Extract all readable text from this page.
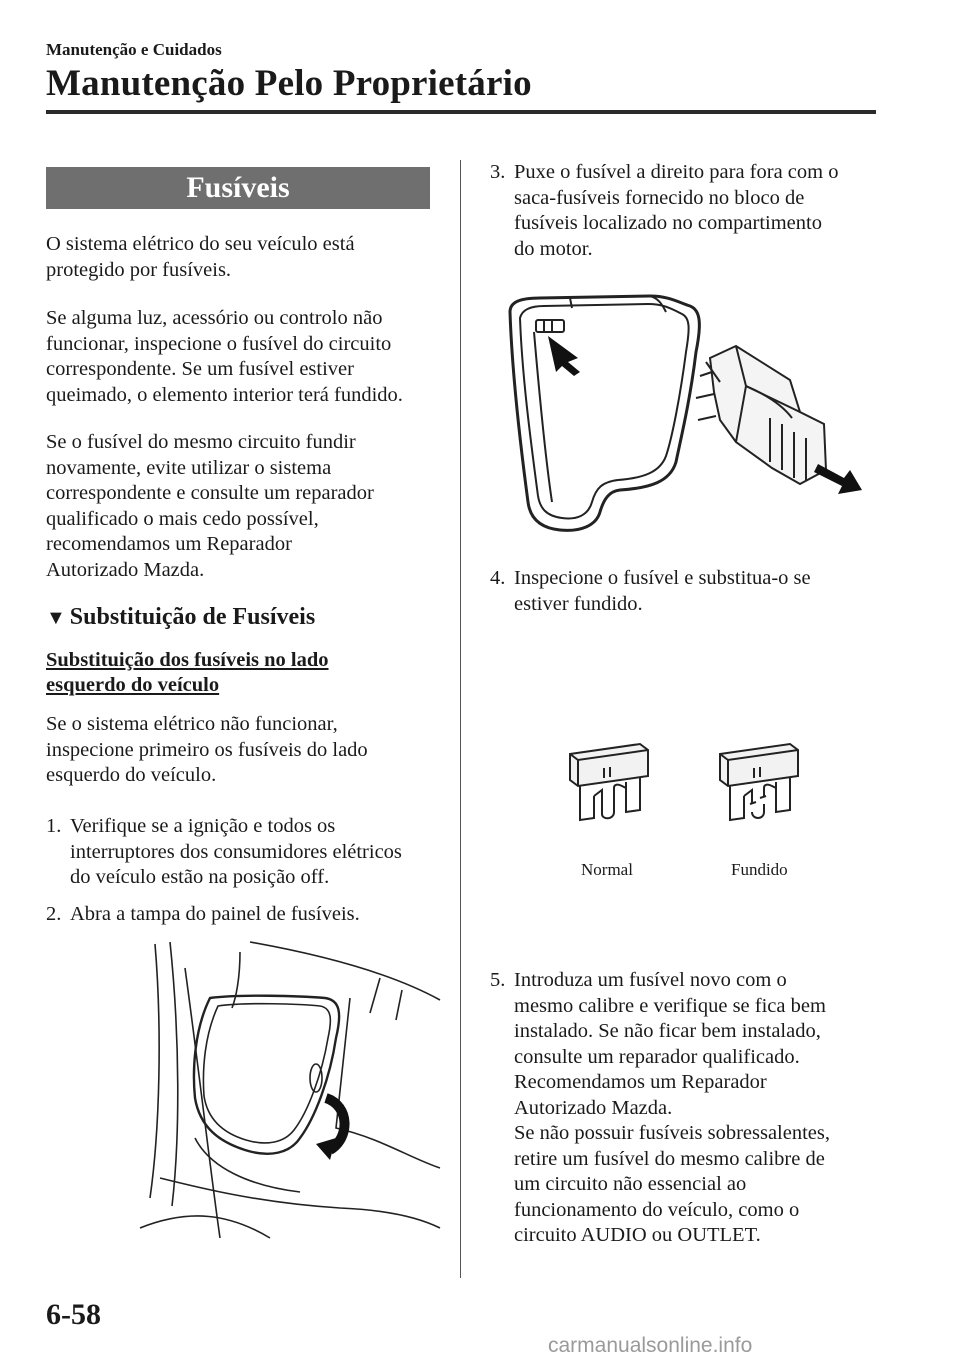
Manutenção e Cuidados
Manutenção Pelo Proprietário
Fusíveis
O sistema elétrico do seu veículo está
protegido por fusíveis.
Se alguma luz, acessório ou controlo não
funcionar, inspecione o fusível do circuito
correspondente. Se um fusível estiver
queimado, o elemento interior terá fundido.
Se o fusível do mesmo circuito fundir
novamente, evite utilizar o sistema
correspondente e consulte um reparador
qualificado o mais cedo possível,
recomendamos um Reparador
Autorizado Mazda.
▼ Substituição de Fusíveis
Substituição dos fusíveis no lado
esquerdo do veículo
Se o sistema elétrico não funcionar,
inspecione primeiro os fusíveis do lado
esquerdo do veículo.
1. Verifique se a ignição e todos os
interruptores dos consumidores elétricos
do veículo estão na posição off.
2. Abra a tampa do painel de fusíveis.
3. Puxe o fusível a direito para fora com o
saca-fusíveis fornecido no bloco de
fusíveis localizado no compartimento
do motor.
4. Inspecione o fusível e substitua-o se
estiver fundido.
Normal	Fundido
5. Introduza um fusível novo com o
mesmo calibre e verifique se fica bem
instalado. Se não ficar bem instalado,
consulte um reparador qualificado.
Recomendamos um Reparador
Autorizado Mazda.
Se não possuir fusíveis sobressalentes,
retire um fusível do mesmo calibre de
um circuito não essencial ao
funcionamento do veículo, como o
circuito AUDIO ou OUTLET.
6-58
carmanualsonline.info
